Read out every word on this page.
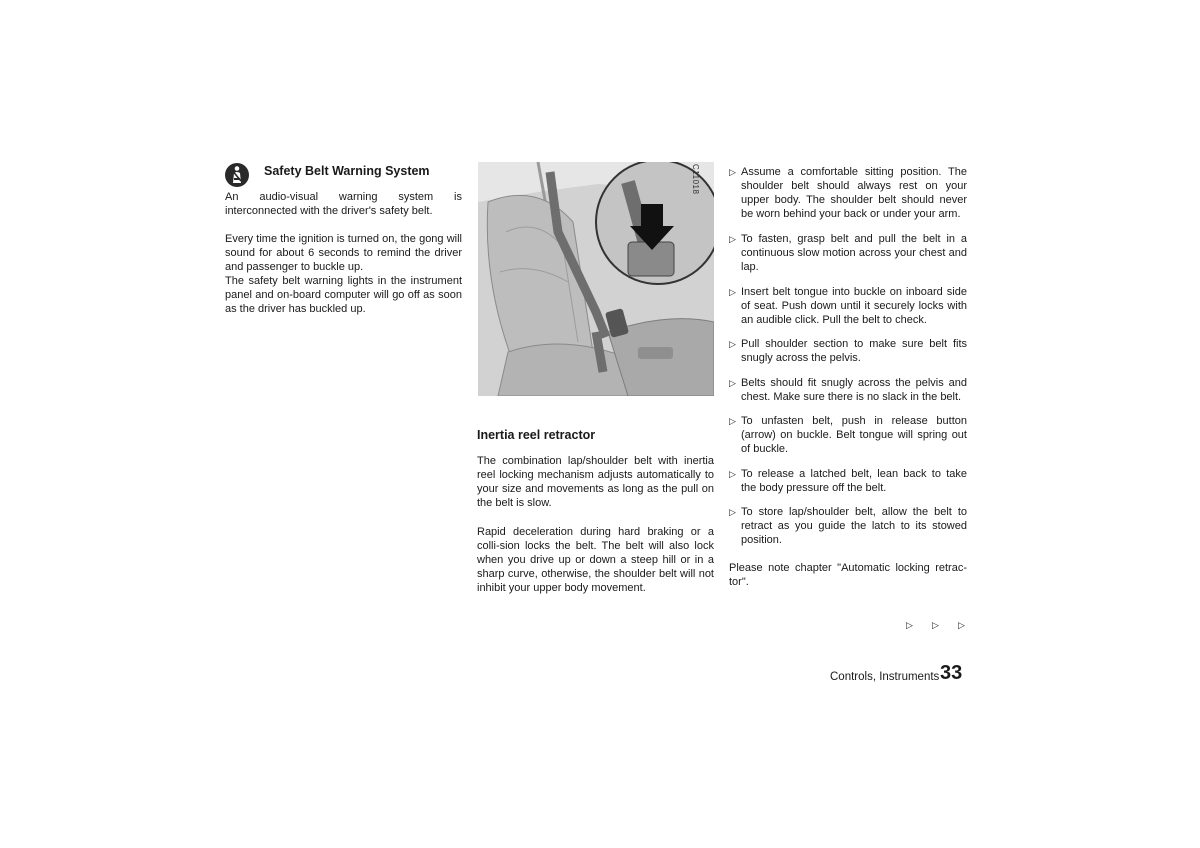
Safety Belt Warning System

An audio-visual warning system is interconnected with the driver's safety belt.

Every time the ignition is turned on, the gong will sound for about 6 seconds to remind the driver and passenger to buckle up.

The safety belt warning lights in the instrument panel and on-board computer will go off as soon as the driver has buckled up.

C11018
Inertia reel retractor

The combination lap/shoulder belt with inertia reel locking mechanism adjusts automatically to your size and movements as long as the pull on the belt is slow.

Rapid deceleration during hard braking or a colli-sion locks the belt. The belt will also lock when you drive up or down a steep hill or in a sharp curve, otherwise, the shoulder belt will not inhibit your upper body movement.

▷ Assume a comfortable sitting position. The shoulder belt should always rest on your upper body. The shoulder belt should never be worn behind your back or under your arm.
▷ To fasten, grasp belt and pull the belt in a continuous slow motion across your chest and lap.
▷ Insert belt tongue into buckle on inboard side of seat. Push down until it securely locks with an audible click. Pull the belt to check.
▷ Pull shoulder section to make sure belt fits snugly across the pelvis.
▷ Belts should fit snugly across the pelvis and chest. Make sure there is no slack in the belt.
▷ To unfasten belt, push in release button (arrow) on buckle. Belt tongue will spring out of buckle.
▷ To release a latched belt, lean back to take the body pressure off the belt.
▷ To store lap/shoulder belt, allow the belt to retract as you guide the latch to its stowed position.
Please note chapter "Automatic locking retrac-tor".
▷ ▷ ▷
Controls, Instruments 33
